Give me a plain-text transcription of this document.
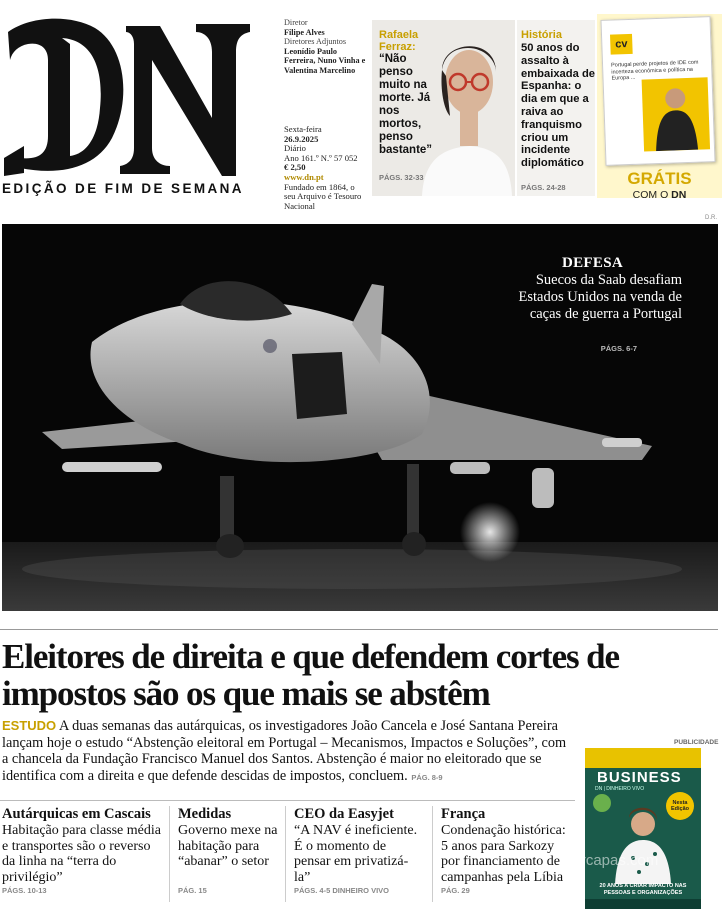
EDIÇÃO DE FIM DE SEMANA
Diretor
Filipe Alves
Diretores Adjuntos
Leonídio Paulo Ferreira, Nuno Vinha e Valentina Marcelino
Sexta-feira
26.9.2025
Diário
Ano 161.º N.º 57 052
€ 2,50
www.dn.pt
Fundado em 1864, o seu Arquivo é Tesouro Nacional
Rafaela Ferraz:
“Não penso muito na morte. Já nos mortos, penso bastante”
PÁGS. 32-33
História
50 anos do assalto à embaixada de Espanha: o dia em que a raiva ao franquismo criou um incidente diplomático
PÁGS. 24-28
cv
Portugal perde projetos de IDE com incerteza económica e política na Europa ...
GRÁTIS
COM O DN
D.R.
DEFESA
Suecos da Saab desafiam Estados Unidos na venda de caças de guerra a Portugal
PÁGS. 6-7
Eleitores de direita e que defendem cortes de impostos são os que mais se abstêm

ESTUDO A duas semanas das autárquicas, os investigadores João Cancela e José Santana Pereira lançam hoje o estudo “Abstenção eleitoral em Portugal – Mecanismos, Impactos e Soluções”, com a chancela da Fundação Francisco Manuel dos Santos. Abstenção é maior no eleitorado que se identifica com a direita e que defende descidas de impostos, concluem. PÁG. 8-9

PUBLICIDADE
BUSINESS
DN | DINHEIRO VIVO
Nesta Edição
20 ANOS A CRIAR IMPACTO NAS PESSOAS E ORGANIZAÇÕES
Autárquicas em Cascais
Habitação para classe média e transportes são o reverso da linha na “terra do privilégio”
PÁGS. 10-13
Medidas
Governo mexe na habitação para “abanar” o setor
PÁG. 15
CEO da Easyjet
“A NAV é ineficiente. É o momento de pensar em privatizá-la”
PÁGS. 4-5 DINHEIRO VIVO
França
Condenação histórica: 5 anos para Sarkozy por financiamento de campanhas pela Líbia
PÁG. 29
vercapas.com
